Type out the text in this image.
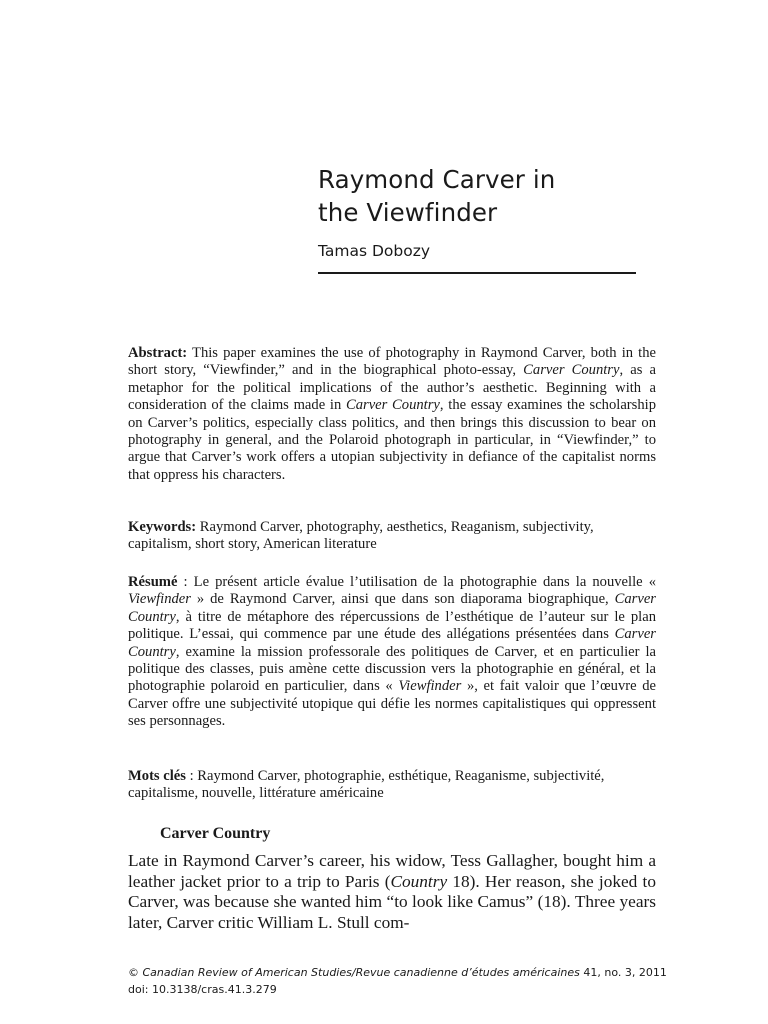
Raymond Carver in
the Viewfinder
Tamas Dobozy

Abstract: This paper examines the use of photography in Raymond Carver, both in the short story, “Viewfinder,” and in the biographical photo-essay, Carver Country, as a metaphor for the political implications of the author’s aesthetic. Beginning with a consideration of the claims made in Carver Country, the essay examines the scholarship on Carver’s politics, especially class politics, and then brings this discussion to bear on photography in general, and the Polaroid photograph in particular, in “Viewfinder,” to argue that Carver’s work offers a utopian subjectivity in defiance of the capitalist norms that oppress his characters.

Keywords: Raymond Carver, photography, aesthetics, Reaganism, subjectivity, capitalism, short story, American literature

Résumé : Le présent article évalue l’utilisation de la photographie dans la nouvelle « Viewfinder » de Raymond Carver, ainsi que dans son diaporama biographique, Carver Country, à titre de métaphore des répercussions de l’esthétique de l’auteur sur le plan politique. L’essai, qui commence par une étude des allégations présentées dans Carver Country, examine la mission professorale des politiques de Carver, et en particulier la politique des classes, puis amène cette discussion vers la photographie en général, et la photographie polaroid en particulier, dans « Viewfinder », et fait valoir que l’œuvre de Carver offre une subjectivité utopique qui défie les normes capitalistiques qui oppressent ses personnages.

Mots clés : Raymond Carver, photographie, esthétique, Reaganisme, subjectivité, capitalisme, nouvelle, littérature américaine

Carver Country

Late in Raymond Carver’s career, his widow, Tess Gallagher, bought him a leather jacket prior to a trip to Paris (Country 18). Her reason, she joked to Carver, was because she wanted him “to look like Camus” (18). Three years later, Carver critic William L. Stull com-

© Canadian Review of American Studies/Revue canadienne d’études américaines 41, no. 3, 2011
doi: 10.3138/cras.41.3.279
